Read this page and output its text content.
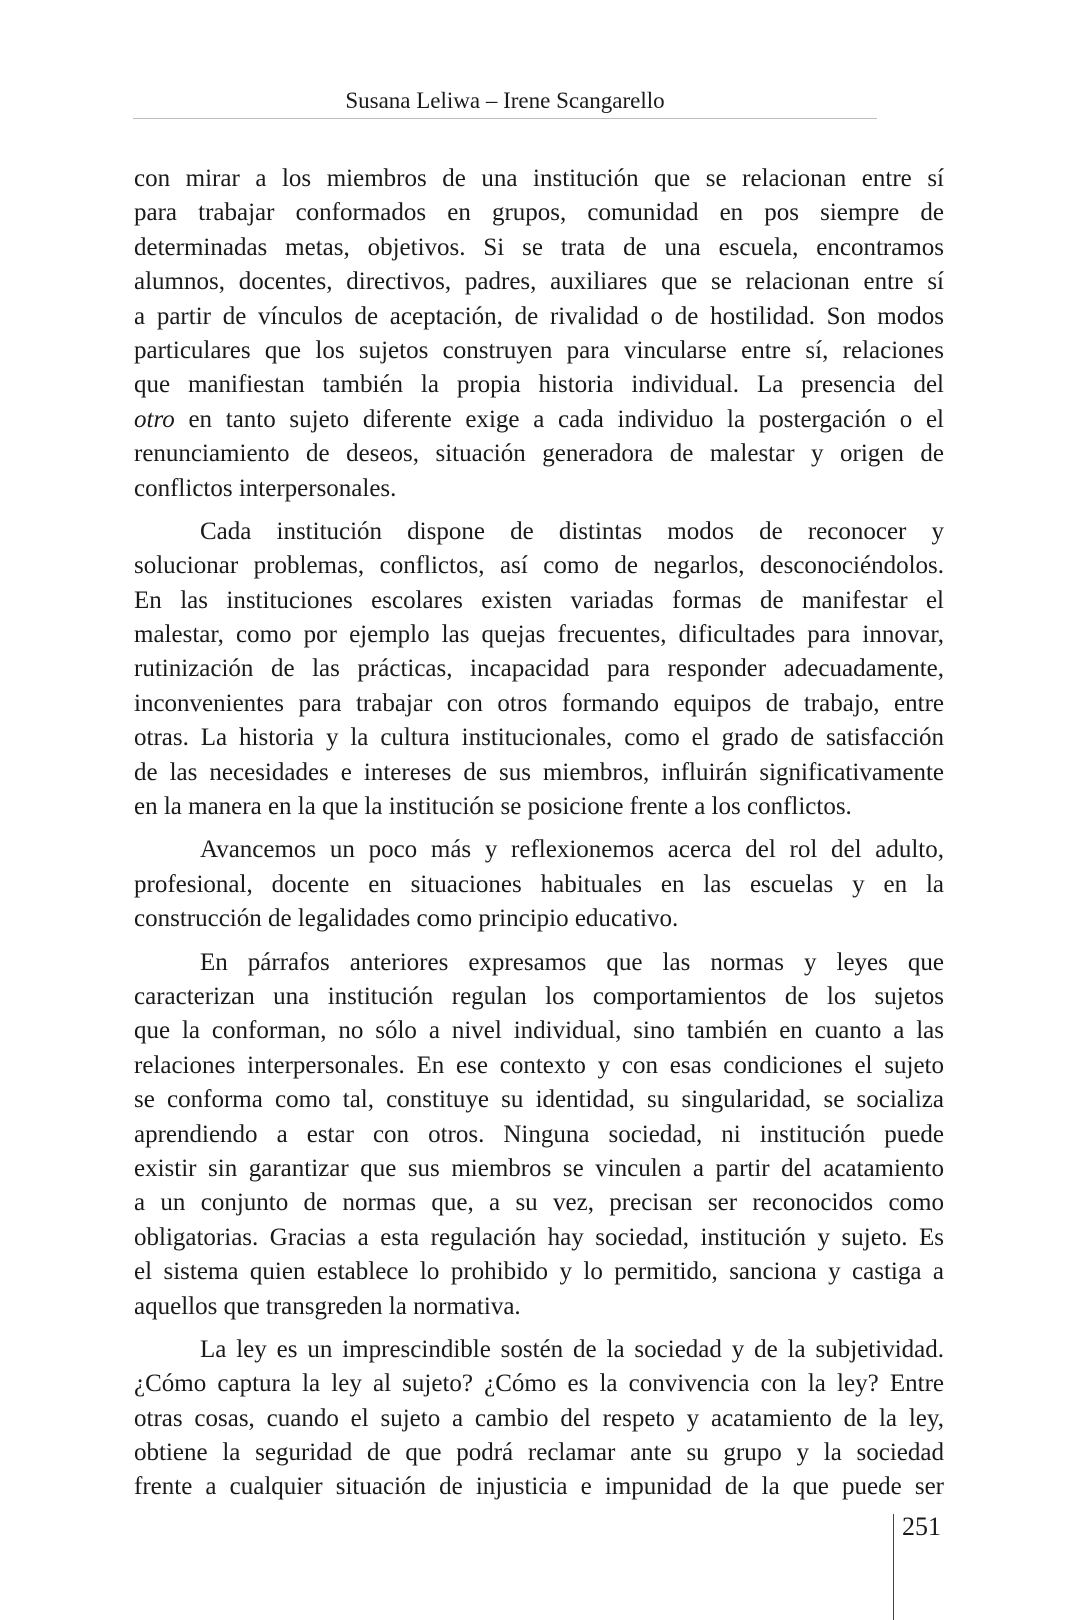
Susana Leliwa – Irene Scangarello
con mirar a los miembros de una institución que se relacionan entre sí
para trabajar conformados en grupos, comunidad en pos siempre de
determinadas metas, objetivos. Si se trata de una escuela, encontramos
alumnos, docentes, directivos, padres, auxiliares que se relacionan entre sí
a partir de vínculos de aceptación, de rivalidad o de hostilidad. Son modos
particulares que los sujetos construyen para vincularse entre sí, relaciones
que manifiestan también la propia historia individual. La presencia del
otro en tanto sujeto diferente exige a cada individuo la postergación o el
renunciamiento de deseos, situación generadora de malestar y origen de
conflictos interpersonales.
Cada institución dispone de distintas modos de reconocer y
solucionar problemas, conflictos, así como de negarlos, desconociéndolos.
En las instituciones escolares existen variadas formas de manifestar el
malestar, como por ejemplo las quejas frecuentes, dificultades para innovar,
rutinización de las prácticas, incapacidad para responder adecuadamente,
inconvenientes para trabajar con otros formando equipos de trabajo, entre
otras. La historia y la cultura institucionales, como el grado de satisfacción
de las necesidades e intereses de sus miembros, influirán significativamente
en la manera en la que la institución se posicione frente a los conflictos.
Avancemos un poco más y reflexionemos acerca del rol del adulto,
profesional, docente en situaciones habituales en las escuelas y en la
construcción de legalidades como principio educativo.
En párrafos anteriores expresamos que las normas y leyes que
caracterizan una institución regulan los comportamientos de los sujetos
que la conforman, no sólo a nivel individual, sino también en cuanto a las
relaciones interpersonales. En ese contexto y con esas condiciones el sujeto
se conforma como tal, constituye su identidad, su singularidad, se socializa
aprendiendo a estar con otros. Ninguna sociedad, ni institución puede
existir sin garantizar que sus miembros se vinculen a partir del acatamiento
a un conjunto de normas que, a su vez, precisan ser reconocidos como
obligatorias. Gracias a esta regulación hay sociedad, institución y sujeto. Es
el sistema quien establece lo prohibido y lo permitido, sanciona y castiga a
aquellos que transgreden la normativa.
La ley es un imprescindible sostén de la sociedad y de la subjetividad.
¿Cómo captura la ley al sujeto? ¿Cómo es la convivencia con la ley? Entre
otras cosas, cuando el sujeto a cambio del respeto y acatamiento de la ley,
obtiene la seguridad de que podrá reclamar ante su grupo y la sociedad
frente a cualquier situación de injusticia e impunidad de la que puede ser
251
